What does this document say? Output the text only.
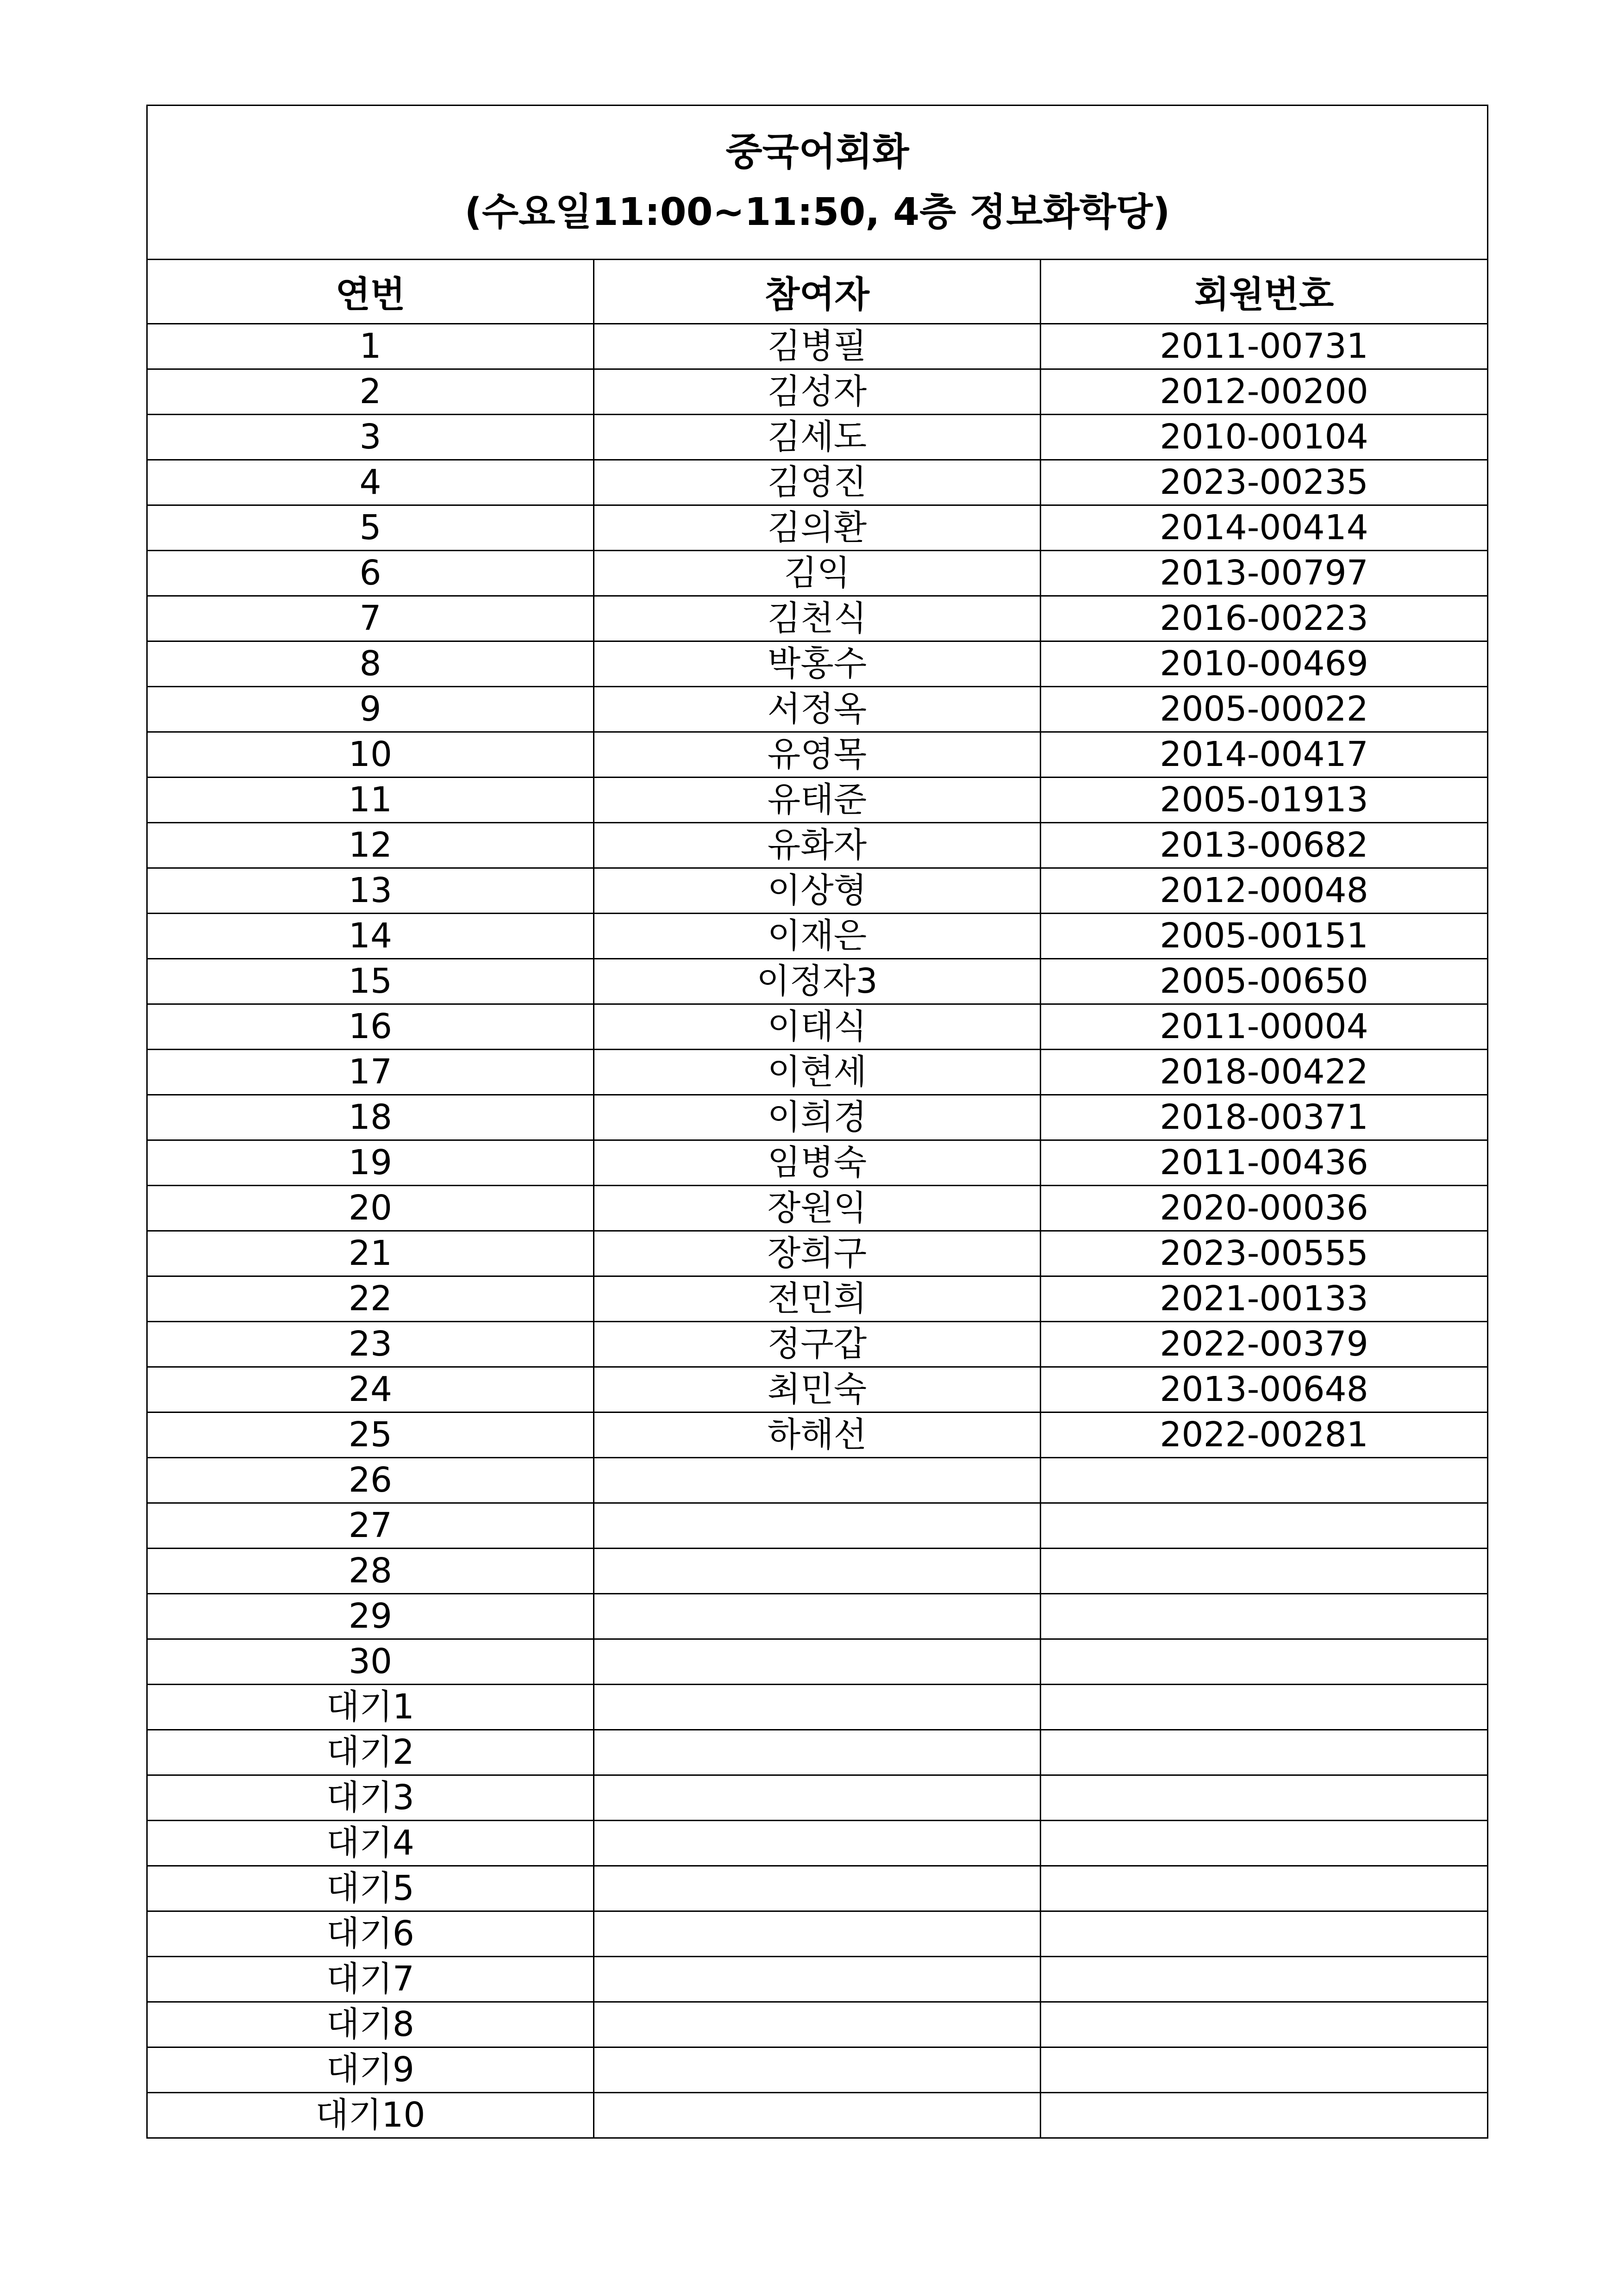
중국어회화
(수요일11:00~11:50, 4층 정보화학당)		

연번	참여자	회원번호
1	김병필	2011-00731
2	김성자	2012-00200
3	김세도	2010-00104
4	김영진	2023-00235
5	김의환	2014-00414
6	김익	2013-00797
7	김천식	2016-00223
8	박홍수	2010-00469
9	서정옥	2005-00022
10	유영목	2014-00417
11	유태준	2005-01913
12	유화자	2013-00682
13	이상형	2012-00048
14	이재은	2005-00151
15	이정자3	2005-00650
16	이태식	2011-00004
17	이현세	2018-00422
18	이희경	2018-00371
19	임병숙	2011-00436
20	장원익	2020-00036
21	장희구	2023-00555
22	전민희	2021-00133
23	정구갑	2022-00379
24	최민숙	2013-00648
25	하해선	2022-00281
26		
27		
28		
29		
30		
대기1		
대기2		
대기3		
대기4		
대기5		
대기6		
대기7		
대기8		
대기9		
대기10		
